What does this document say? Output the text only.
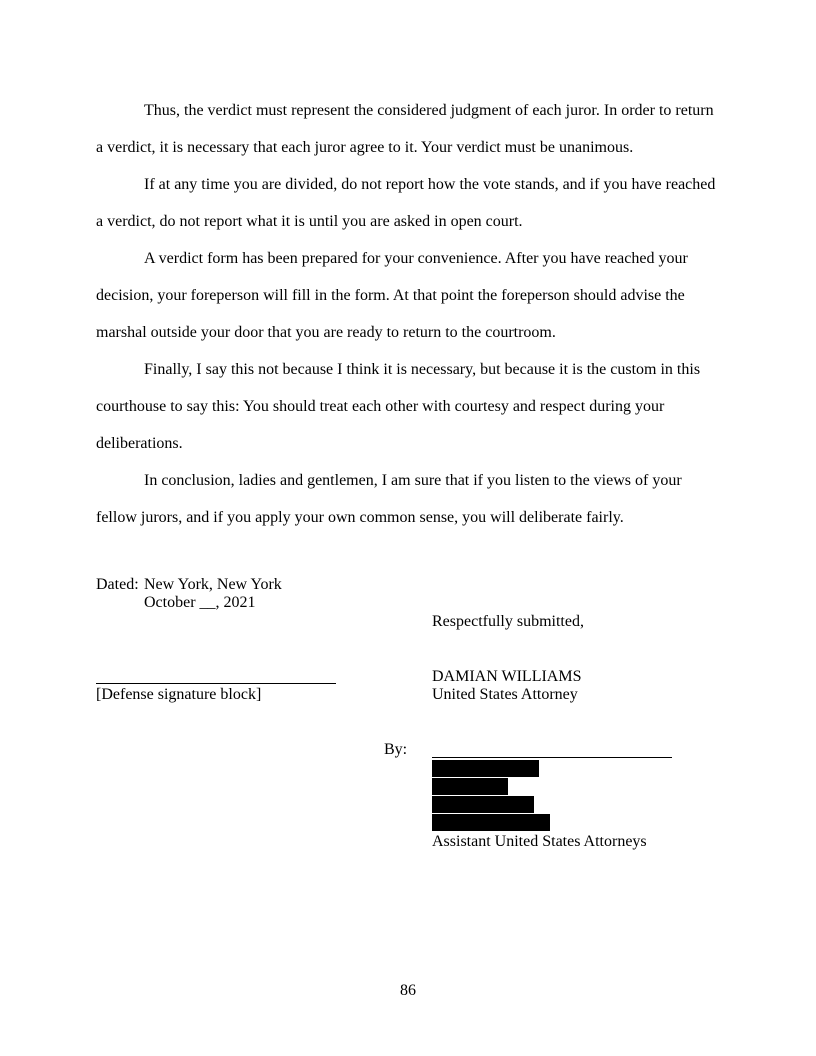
Thus, the verdict must represent the considered judgment of each juror. In order to return a verdict, it is necessary that each juror agree to it. Your verdict must be unanimous.

If at any time you are divided, do not report how the vote stands, and if you have reached a verdict, do not report what it is until you are asked in open court.

A verdict form has been prepared for your convenience. After you have reached your decision, your foreperson will fill in the form. At that point the foreperson should advise the marshal outside your door that you are ready to return to the courtroom.

Finally, I say this not because I think it is necessary, but because it is the custom in this courthouse to say this: You should treat each other with courtesy and respect during your deliberations.

In conclusion, ladies and gentlemen, I am sure that if you listen to the views of your fellow jurors, and if you apply your own common sense, you will deliberate fairly.

Dated: New York, New York
October __, 2021
Respectfully submitted,
DAMIAN WILLIAMS
United States Attorney
[Defense signature block]
By:
Assistant United States Attorneys
86
